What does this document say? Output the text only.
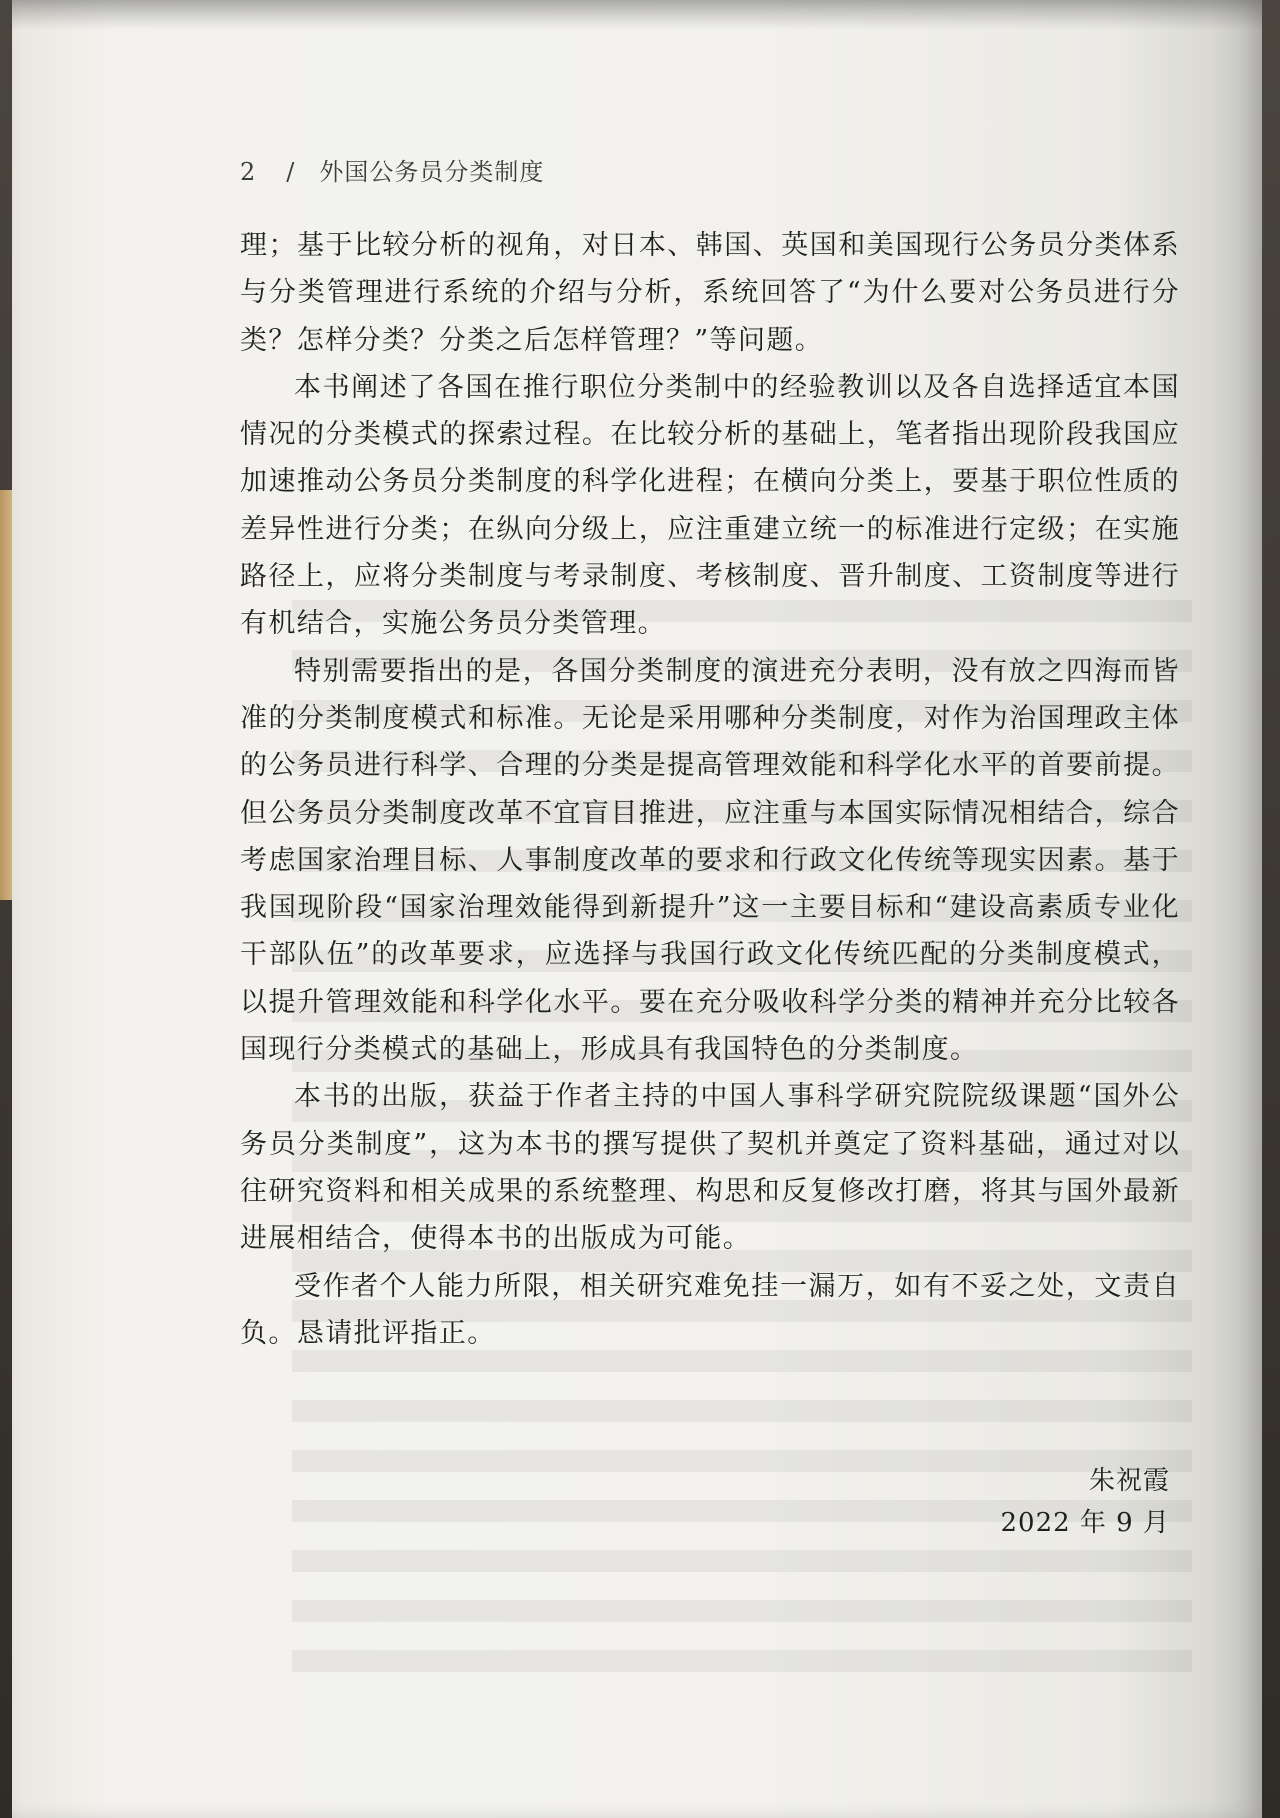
2 / 外国公务员分类制度

理；基于比较分析的视角，对日本、韩国、英国和美国现行公务员分类体系与分类管理进行系统的介绍与分析，系统回答了“为什么要对公务员进行分类？怎样分类？分类之后怎样管理？”等问题。

本书阐述了各国在推行职位分类制中的经验教训以及各自选择适宜本国情况的分类模式的探索过程。在比较分析的基础上，笔者指出现阶段我国应加速推动公务员分类制度的科学化进程；在横向分类上，要基于职位性质的差异性进行分类；在纵向分级上，应注重建立统一的标准进行定级；在实施路径上，应将分类制度与考录制度、考核制度、晋升制度、工资制度等进行有机结合，实施公务员分类管理。

特别需要指出的是，各国分类制度的演进充分表明，没有放之四海而皆准的分类制度模式和标准。无论是采用哪种分类制度，对作为治国理政主体的公务员进行科学、合理的分类是提高管理效能和科学化水平的首要前提。但公务员分类制度改革不宜盲目推进，应注重与本国实际情况相结合，综合考虑国家治理目标、人事制度改革的要求和行政文化传统等现实因素。基于我国现阶段“国家治理效能得到新提升”这一主要目标和“建设高素质专业化干部队伍”的改革要求，应选择与我国行政文化传统匹配的分类制度模式，以提升管理效能和科学化水平。要在充分吸收科学分类的精神并充分比较各国现行分类模式的基础上，形成具有我国特色的分类制度。

本书的出版，获益于作者主持的中国人事科学研究院院级课题“国外公务员分类制度”，这为本书的撰写提供了契机并奠定了资料基础，通过对以往研究资料和相关成果的系统整理、构思和反复修改打磨，将其与国外最新进展相结合，使得本书的出版成为可能。

受作者个人能力所限，相关研究难免挂一漏万，如有不妥之处，文责自负。恳请批评指正。

朱祝霞
2022 年 9 月
